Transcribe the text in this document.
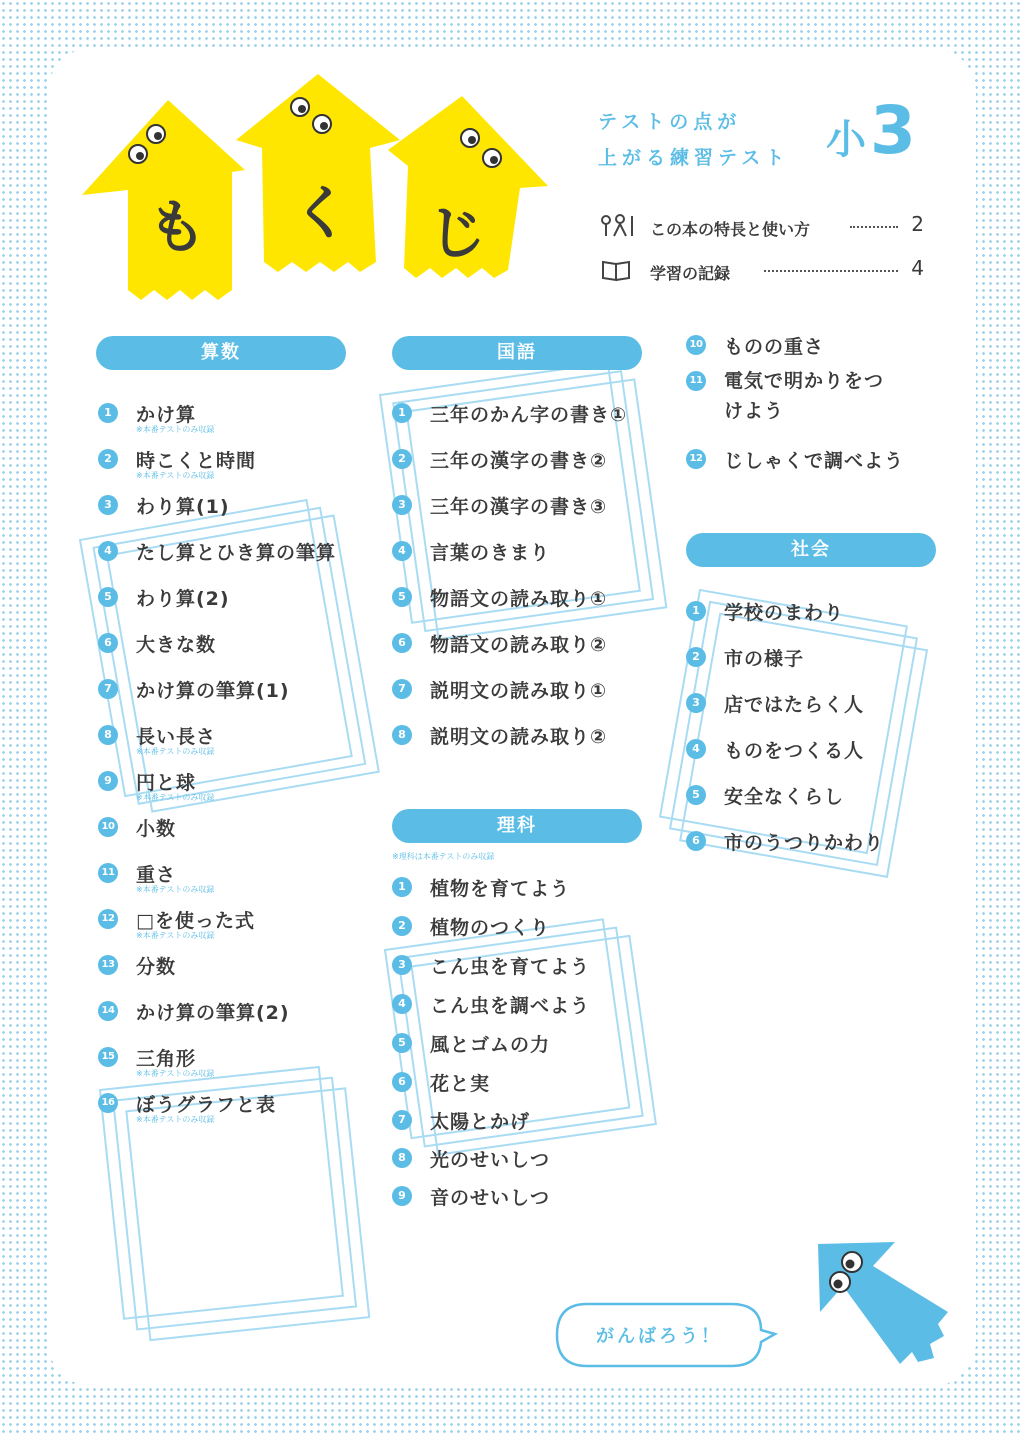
も く じ
テストの点が
上がる練習テスト 小3
この本の特長と使い方	2
学習の記録	4
算数	国語
理科
※理科は本番テストのみ収録
社会
1	かけ算
※本番テストのみ収録
2	時こくと時間
※本番テストのみ収録
3	わり算(1)
4	たし算とひき算の筆算
5	わり算(2)
6	大きな数
7	かけ算の筆算(1)
8	長い長さ
※本番テストのみ収録
9	円と球
※本番テストのみ収録
10 小数
11 重さ
※本番テストのみ収録
12 □を使った式
※本番テストのみ収録
13 分数
14 かけ算の筆算(2)
15 三角形
※本番テストのみ収録
16 ぼうグラフと表
※本番テストのみ収録
1	三年のかん字の書き①
2	三年の漢字の書き②
3	三年の漢字の書き③
4	言葉のきまり
5	物語文の読み取り①
6	物語文の読み取り②
7	説明文の読み取り①
8	説明文の読み取り②
1	植物を育てよう
2	植物のつくり
3	こん虫を育てよう
4	こん虫を調べよう
5	風とゴムの力
6	花と実
7	太陽とかげ
8	光のせいしつ
9	音のせいしつ
10 ものの重さ
11 電気で明かりをつけよう
12 じしゃくで調べよう
1	学校のまわり
2	市の様子
3	店ではたらく人
4	ものをつくる人
5	安全なくらし
6	市のうつりかわり
がんばろう！
